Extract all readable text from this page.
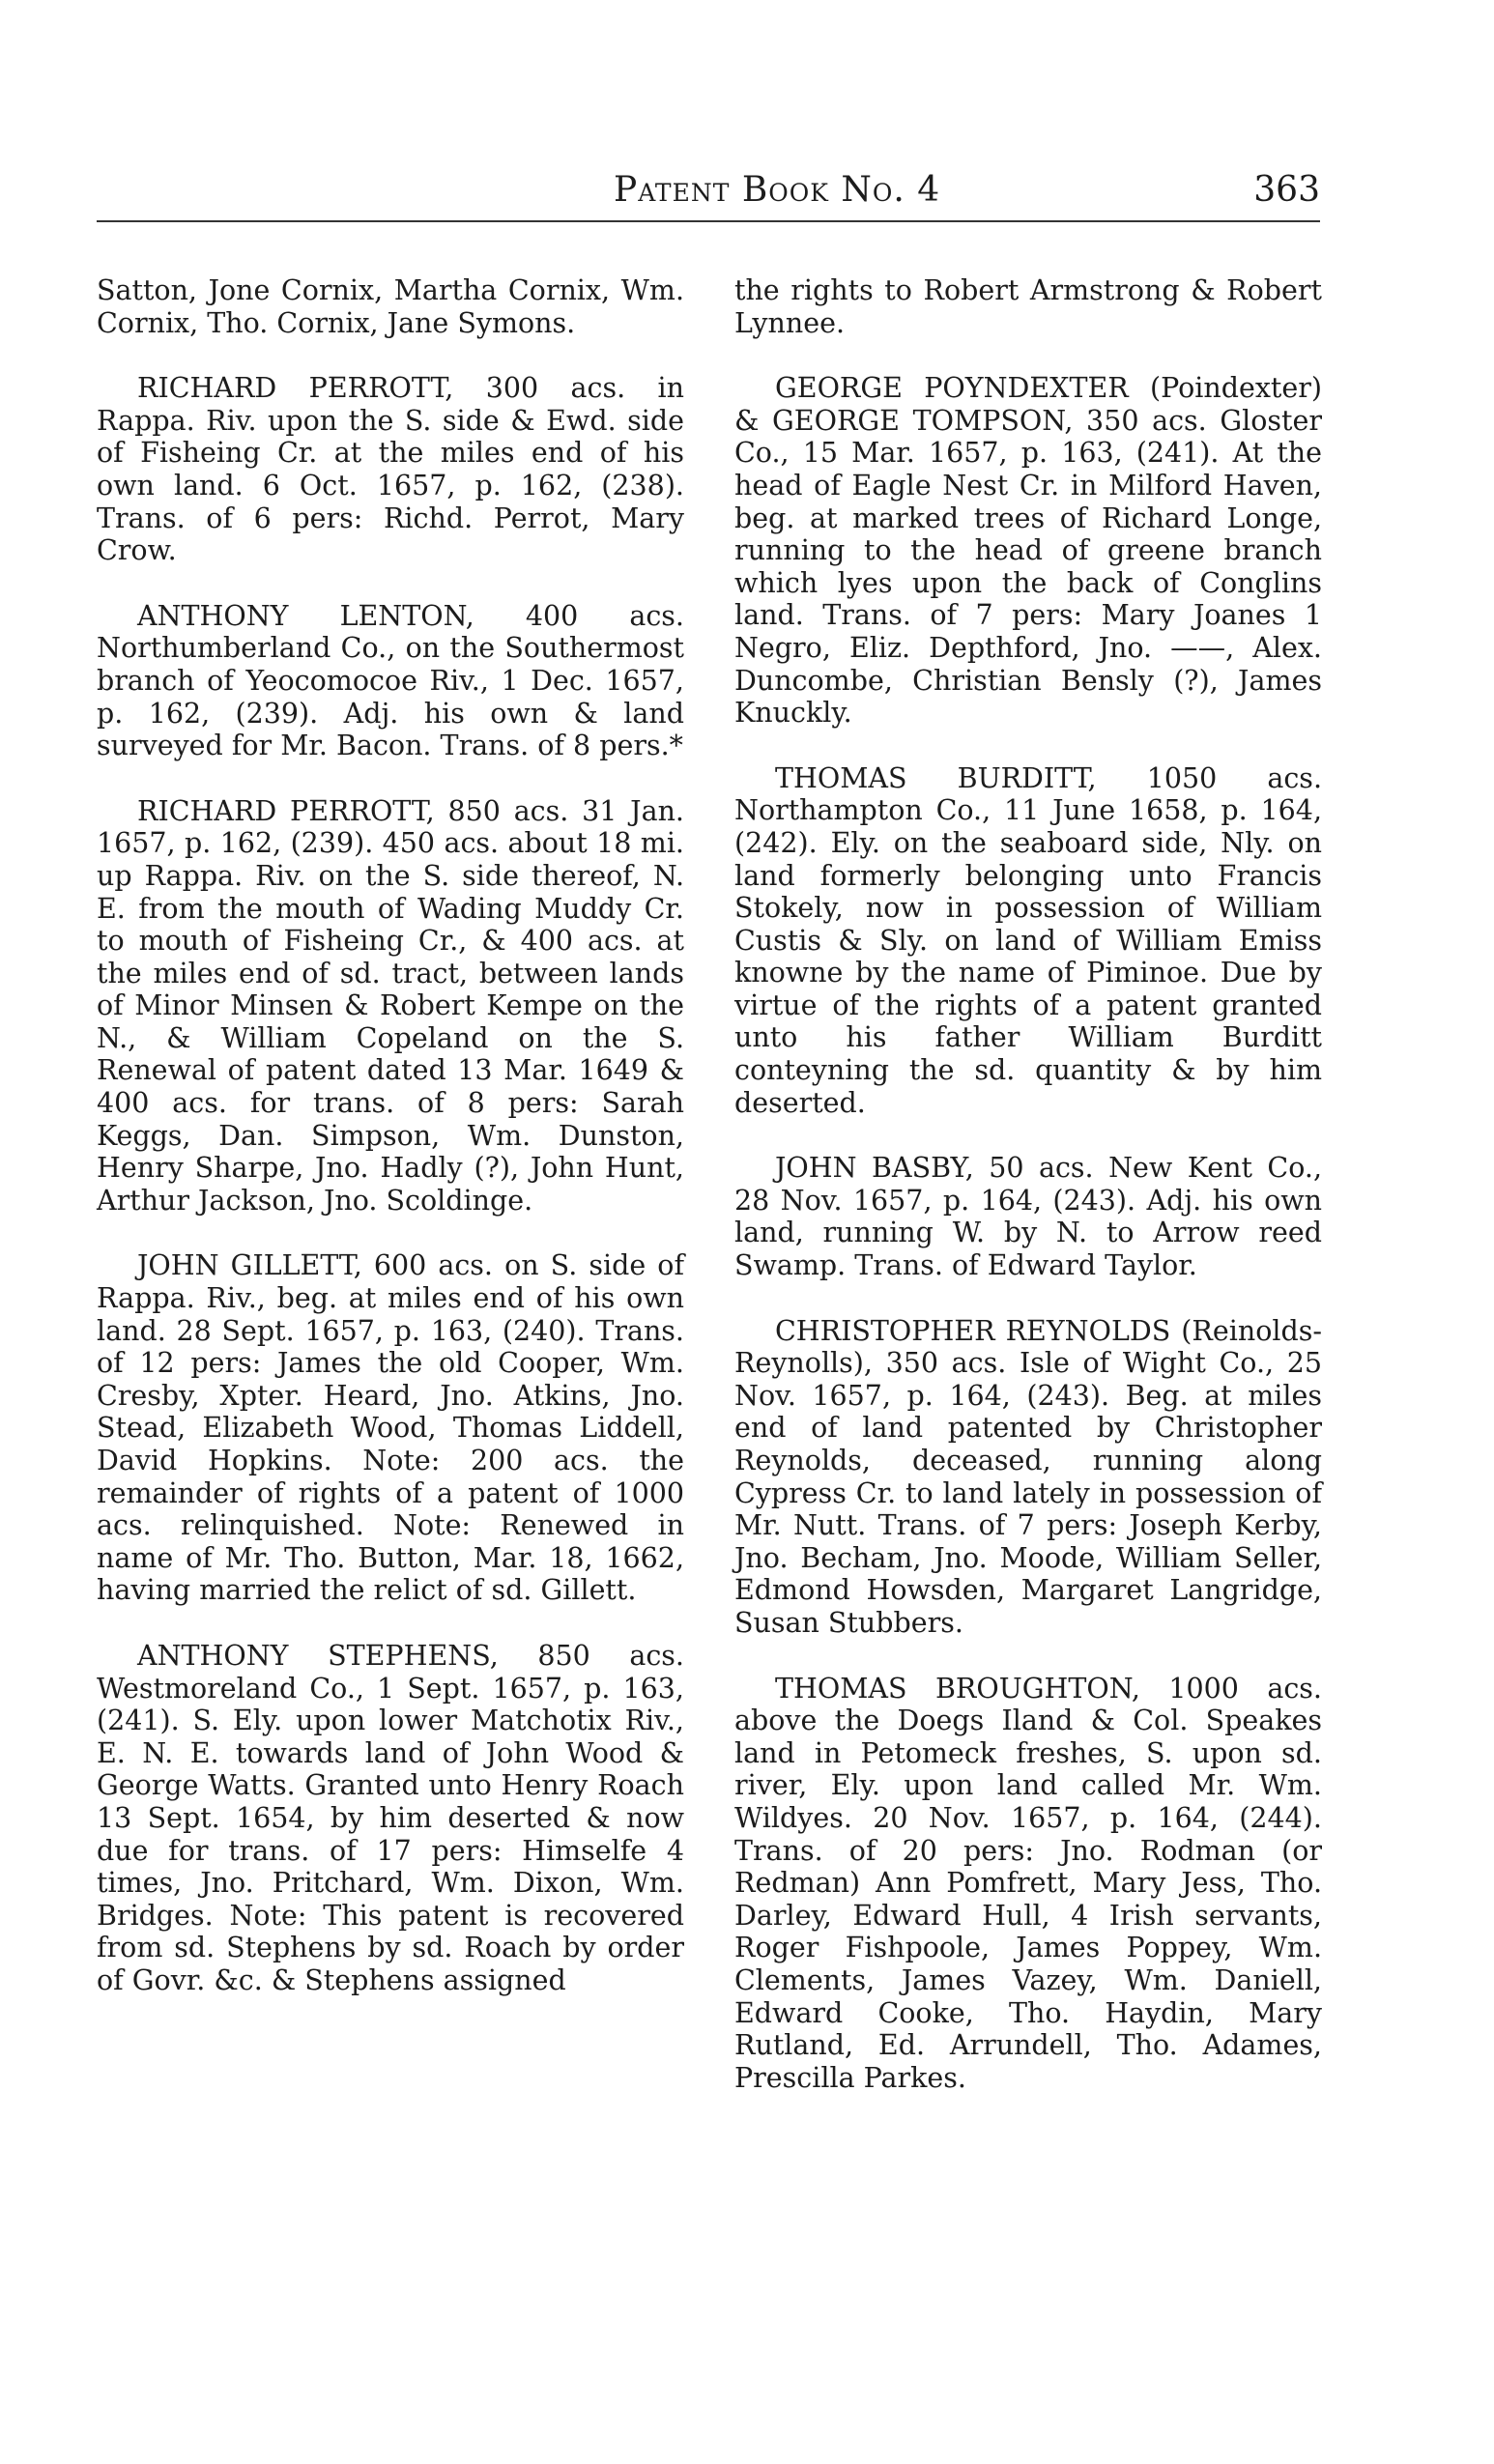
Patent Book No. 4	363

Satton, Jone Cornix, Martha Cornix, Wm. Cornix, Tho. Cornix, Jane Symons.

RICHARD PERROTT, 300 acs. in Rappa. Riv. upon the S. side & Ewd. side of Fisheing Cr. at the miles end of his own land. 6 Oct. 1657, p. 162, (238). Trans. of 6 pers: Richd. Perrot, Mary Crow.

ANTHONY LENTON, 400 acs. Northumberland Co., on the Southermost branch of Yeocomocoe Riv., 1 Dec. 1657, p. 162, (239). Adj. his own & land surveyed for Mr. Bacon. Trans. of 8 pers.*

RICHARD PERROTT, 850 acs. 31 Jan. 1657, p. 162, (239). 450 acs. about 18 mi. up Rappa. Riv. on the S. side thereof, N. E. from the mouth of Wading Muddy Cr. to mouth of Fisheing Cr., & 400 acs. at the miles end of sd. tract, between lands of Minor Minsen & Robert Kempe on the N., & William Copeland on the S. Renewal of patent dated 13 Mar. 1649 & 400 acs. for trans. of 8 pers: Sarah Keggs, Dan. Simpson, Wm. Dunston, Henry Sharpe, Jno. Hadly (?), John Hunt, Arthur Jackson, Jno. Scoldinge.

JOHN GILLETT, 600 acs. on S. side of Rappa. Riv., beg. at miles end of his own land. 28 Sept. 1657, p. 163, (240). Trans. of 12 pers: James the old Cooper, Wm. Cresby, Xpter. Heard, Jno. Atkins, Jno. Stead, Elizabeth Wood, Thomas Liddell, David Hopkins. Note: 200 acs. the remainder of rights of a patent of 1000 acs. relinquished. Note: Renewed in name of Mr. Tho. Button, Mar. 18, 1662, having married the relict of sd. Gillett.

ANTHONY STEPHENS, 850 acs. Westmoreland Co., 1 Sept. 1657, p. 163, (241). S. Ely. upon lower Matchotix Riv., E. N. E. towards land of John Wood & George Watts. Granted unto Henry Roach 13 Sept. 1654, by him deserted & now due for trans. of 17 pers: Himselfe 4 times, Jno. Pritchard, Wm. Dixon, Wm. Bridges. Note: This patent is recovered from sd. Stephens by sd. Roach by order of Govr. &c. & Stephens assigned

the rights to Robert Armstrong & Robert Lynnee.

GEORGE POYNDEXTER (Poindexter) & GEORGE TOMPSON, 350 acs. Gloster Co., 15 Mar. 1657, p. 163, (241). At the head of Eagle Nest Cr. in Milford Haven, beg. at marked trees of Richard Longe, running to the head of greene branch which lyes upon the back of Conglins land. Trans. of 7 pers: Mary Joanes 1 Negro, Eliz. Depthford, Jno. ——, Alex. Duncombe, Christian Bensly (?), James Knuckly.

THOMAS BURDITT, 1050 acs. Northampton Co., 11 June 1658, p. 164, (242). Ely. on the seaboard side, Nly. on land formerly belonging unto Francis Stokely, now in possession of William Custis & Sly. on land of William Emiss knowne by the name of Piminoe. Due by virtue of the rights of a patent granted unto his father William Burditt conteyning the sd. quantity & by him deserted.

JOHN BASBY, 50 acs. New Kent Co., 28 Nov. 1657, p. 164, (243). Adj. his own land, running W. by N. to Arrow reed Swamp. Trans. of Edward Taylor.

CHRISTOPHER REYNOLDS (Reinolds-Reynolls), 350 acs. Isle of Wight Co., 25 Nov. 1657, p. 164, (243). Beg. at miles end of land patented by Christopher Reynolds, deceased, running along Cypress Cr. to land lately in possession of Mr. Nutt. Trans. of 7 pers: Joseph Kerby, Jno. Becham, Jno. Moode, William Seller, Edmond Howsden, Margaret Langridge, Susan Stubbers.

THOMAS BROUGHTON, 1000 acs. above the Doegs Iland & Col. Speakes land in Petomeck freshes, S. upon sd. river, Ely. upon land called Mr. Wm. Wildyes. 20 Nov. 1657, p. 164, (244). Trans. of 20 pers: Jno. Rodman (or Redman) Ann Pomfrett, Mary Jess, Tho. Darley, Edward Hull, 4 Irish servants, Roger Fishpoole, James Poppey, Wm. Clements, James Vazey, Wm. Daniell, Edward Cooke, Tho. Haydin, Mary Rutland, Ed. Arrundell, Tho. Adames, Prescilla Parkes.
